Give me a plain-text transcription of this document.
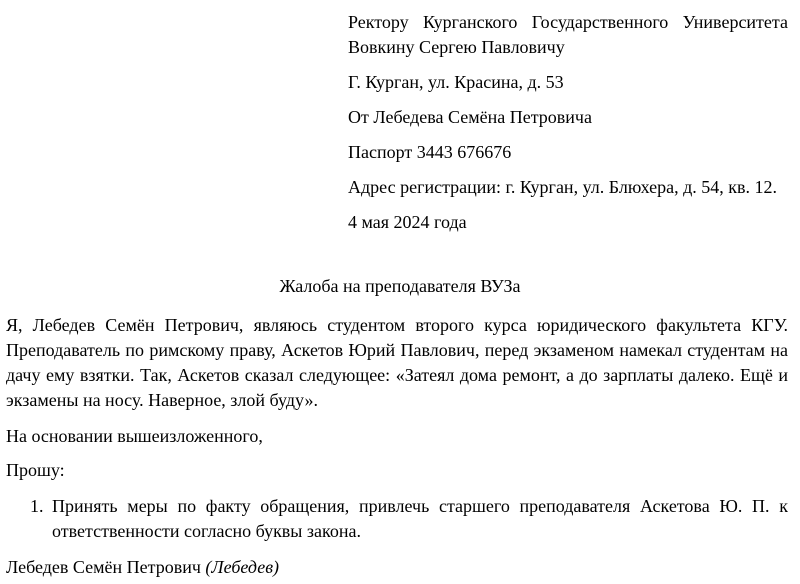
Ректору Курганского Государственного Университета Вовкину Сергею Павловичу

Г. Курган, ул. Красина, д. 53

От Лебедева Семёна Петровича

Паспорт 3443 676676

Адрес регистрации: г. Курган, ул. Блюхера, д. 54, кв. 12.

4 мая 2024 года

Жалоба на преподавателя ВУЗа

Я, Лебедев Семён Петрович, являюсь студентом второго курса юридического факультета КГУ. Преподаватель по римскому праву, Аскетов Юрий Павлович, перед экзаменом намекал студентам на дачу ему взятки. Так, Аскетов сказал следующее: «Затеял дома ремонт, а до зарплаты далеко. Ещё и экзамены на носу. Наверное, злой буду».

На основании вышеизложенного,

Прошу:

1. Принять меры по факту обращения, привлечь старшего преподавателя Аскетова Ю. П. к ответственности согласно буквы закона.

Лебедев Семён Петрович (Лебедев)
